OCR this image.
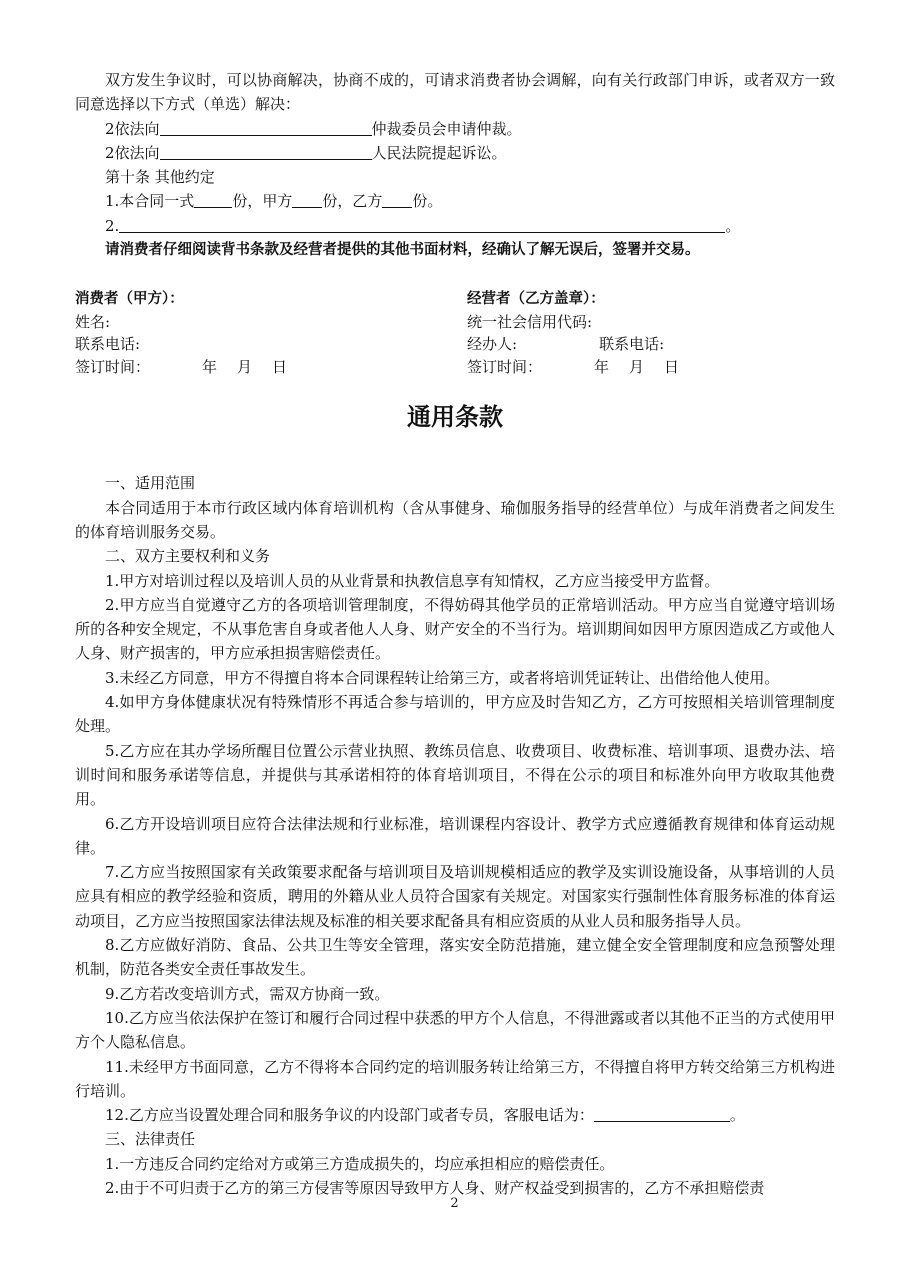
双方发生争议时，可以协商解决，协商不成的，可请求消费者协会调解，向有关行政部门申诉，或者双方一致同意选择以下方式（单选）解决：

2依法向	仲裁委员会申请仲裁。

2依法向	人民法院提起诉讼。

第十条 其他约定

1.本合同一式	份，甲方 份，乙方 份。

2.	。

请消费者仔细阅读背书条款及经营者提供的其他书面材料，经确认了解无误后，签署并交易。

消费者（甲方）：

姓名:

联系电话:

签订时间：	年 月 日

经营者（乙方盖章）：

统一社会信用代码:

经办人:	联系电话:

签订时间：	年 月 日

通用条款

一、适用范围

本合同适用于本市行政区域内体育培训机构（含从事健身、瑜伽服务指导的经营单位）与成年消费者之间发生的体育培训服务交易。

二、双方主要权利和义务

1.甲方对培训过程以及培训人员的从业背景和执教信息享有知情权，乙方应当接受甲方监督。

2.甲方应当自觉遵守乙方的各项培训管理制度，不得妨碍其他学员的正常培训活动。甲方应当自觉遵守培训场所的各种安全规定，不从事危害自身或者他人人身、财产安全的不当行为。培训期间如因甲方原因造成乙方或他人人身、财产损害的，甲方应承担损害赔偿责任。

3.未经乙方同意，甲方不得擅自将本合同课程转让给第三方，或者将培训凭证转让、出借给他人使用。

4.如甲方身体健康状况有特殊情形不再适合参与培训的，甲方应及时告知乙方，乙方可按照相关培训管理制度处理。

5.乙方应在其办学场所醒目位置公示营业执照、教练员信息、收费项目、收费标准、培训事项、退费办法、培训时间和服务承诺等信息，并提供与其承诺相符的体育培训项目，不得在公示的项目和标准外向甲方收取其他费用。

6.乙方开设培训项目应符合法律法规和行业标准，培训课程内容设计、教学方式应遵循教育规律和体育运动规律。

7.乙方应当按照国家有关政策要求配备与培训项目及培训规模相适应的教学及实训设施设备，从事培训的人员应具有相应的教学经验和资质，聘用的外籍从业人员符合国家有关规定。对国家实行强制性体育服务标准的体育运动项目，乙方应当按照国家法律法规及标准的相关要求配备具有相应资质的从业人员和服务指导人员。

8.乙方应做好消防、食品、公共卫生等安全管理，落实安全防范措施，建立健全安全管理制度和应急预警处理机制，防范各类安全责任事故发生。

9.乙方若改变培训方式，需双方协商一致。

10.乙方应当依法保护在签订和履行合同过程中获悉的甲方个人信息，不得泄露或者以其他不正当的方式使用甲方个人隐私信息。

11.未经甲方书面同意，乙方不得将本合同约定的培训服务转让给第三方，不得擅自将甲方转交给第三方机构进行培训。

12.乙方应当设置处理合同和服务争议的内设部门或者专员，客服电话为：	。

三、法律责任

1.一方违反合同约定给对方或第三方造成损失的，均应承担相应的赔偿责任。

2.由于不可归责于乙方的第三方侵害等原因导致甲方人身、财产权益受到损害的，乙方不承担赔偿责

2
